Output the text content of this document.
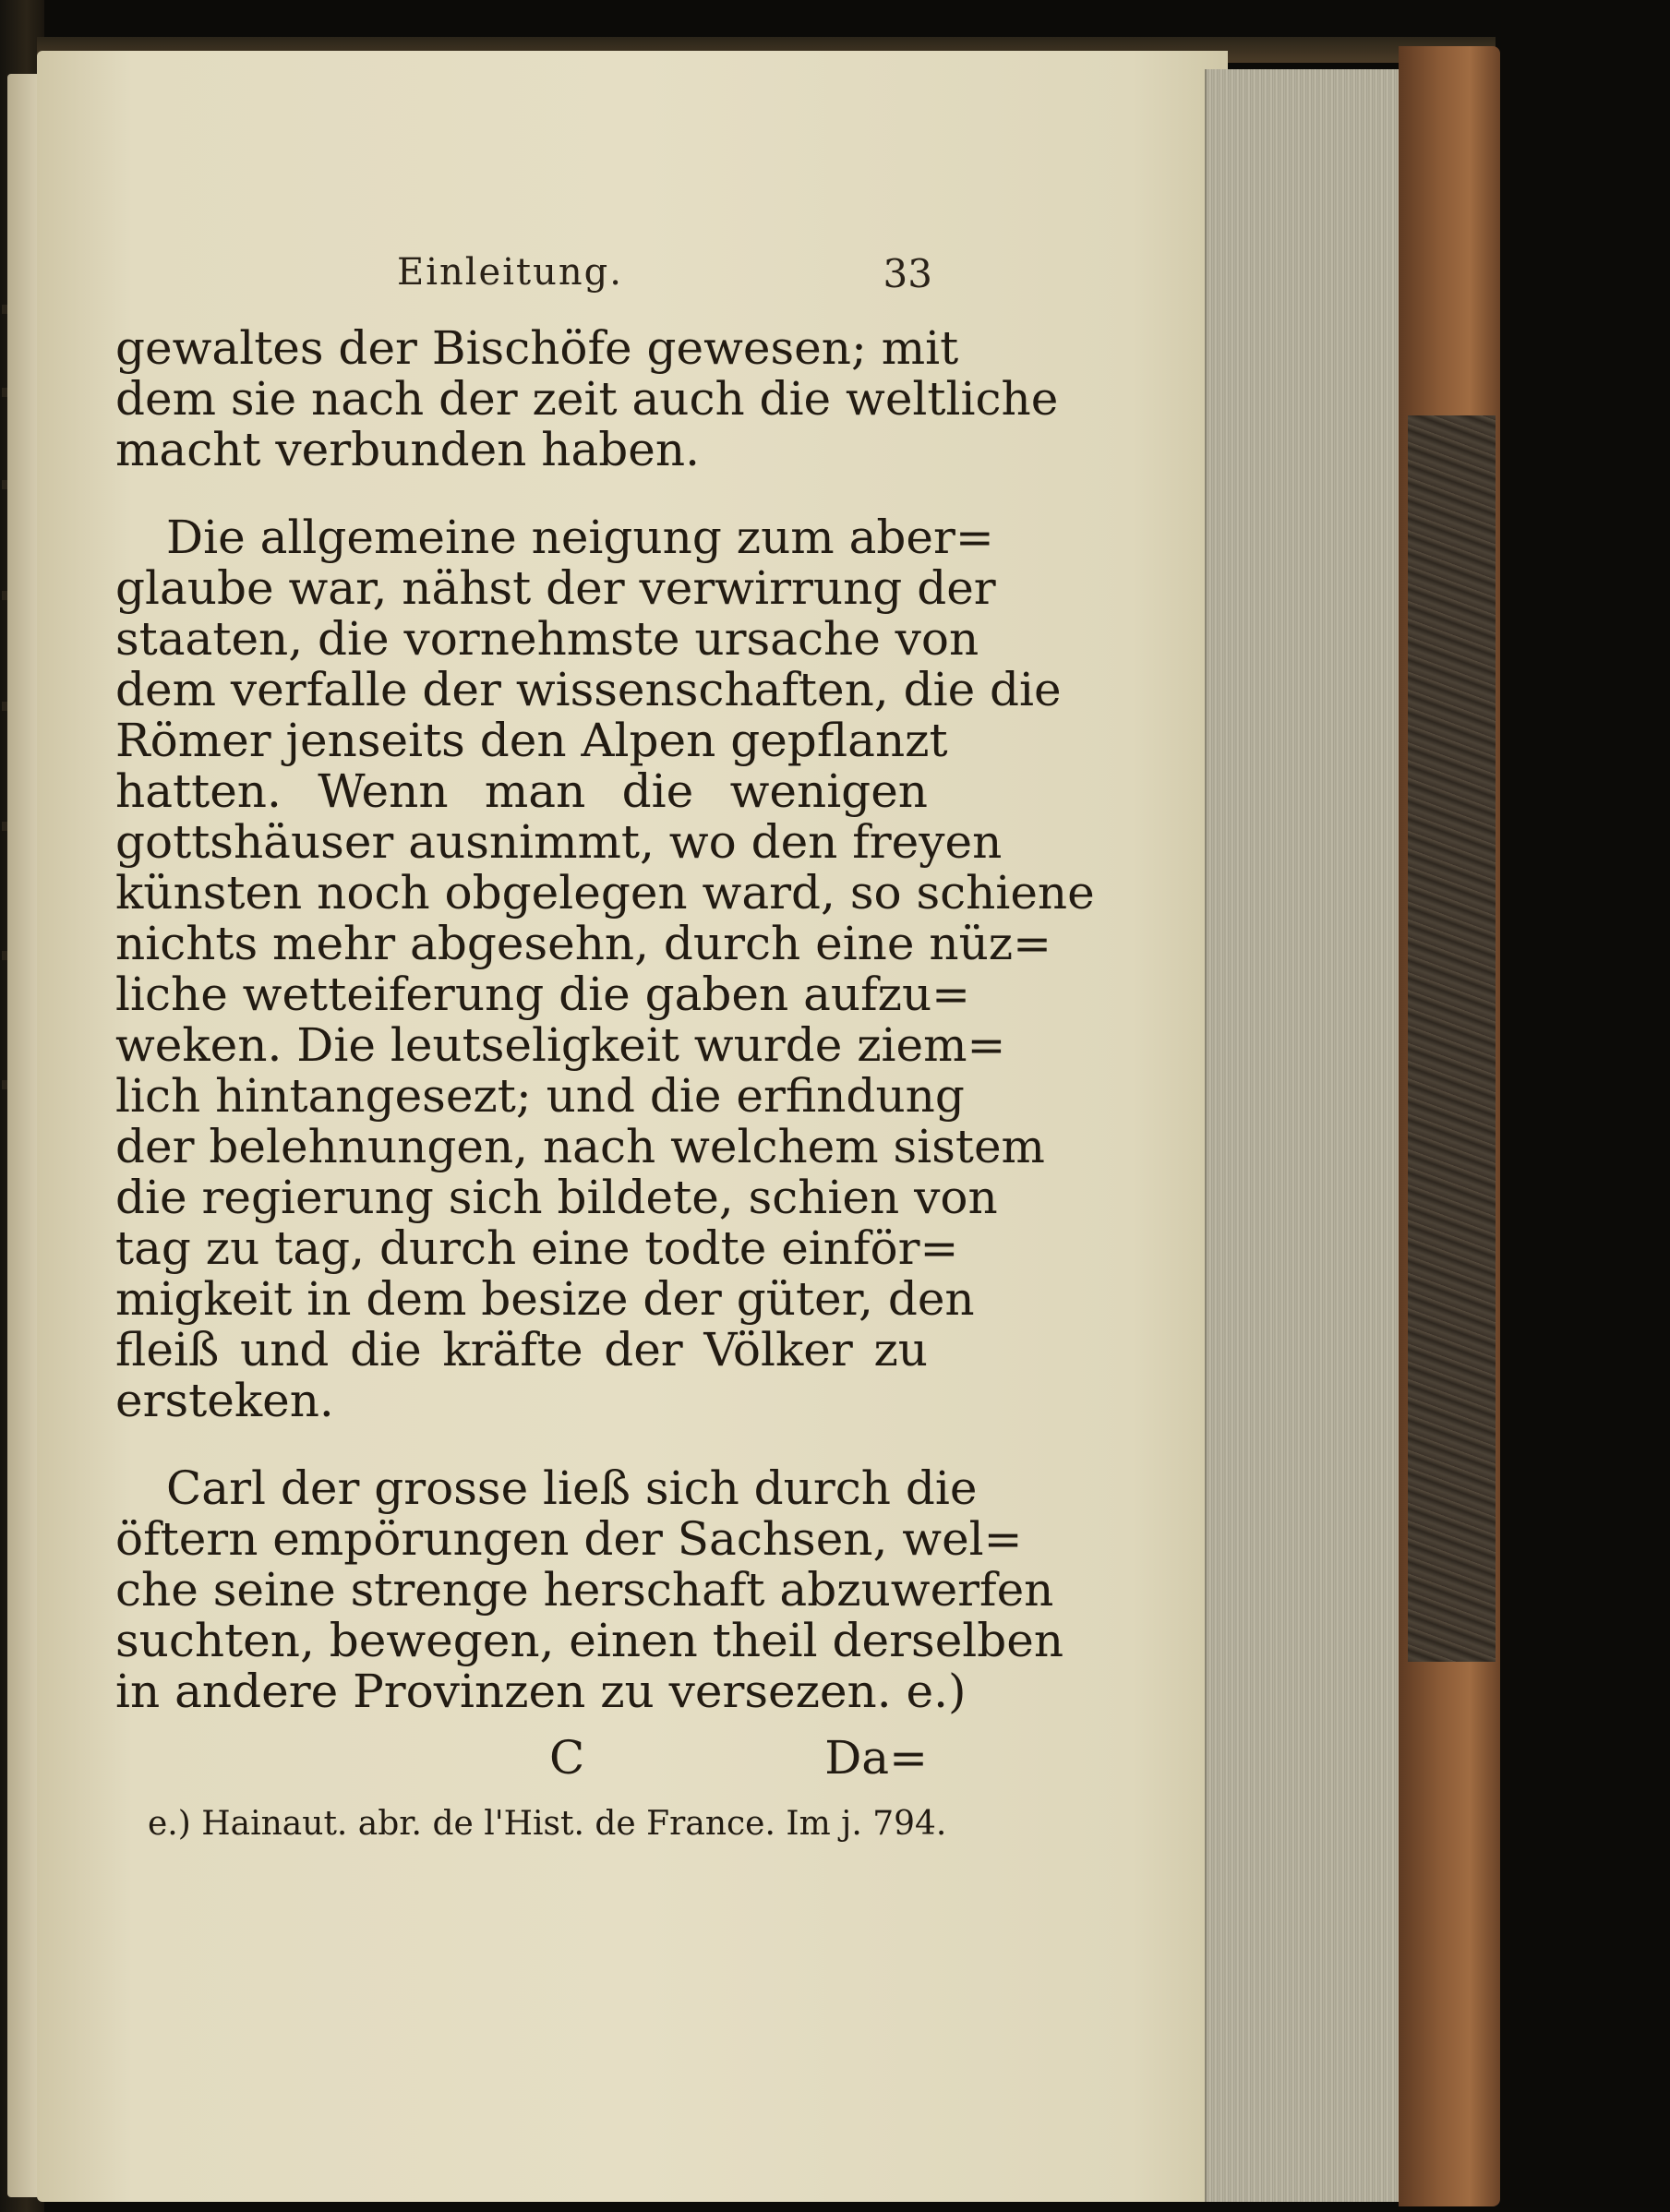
Einleitung.	33
gewaltes der Bischöfe gewesen; mit
dem sie nach der zeit auch die weltliche
macht verbunden haben.
Die allgemeine neigung zum aber=
glaube war, nähst der verwirrung der
staaten, die vornehmste ursache von
dem verfalle der wissenschaften, die die
Römer jenseits den Alpen gepflanzt
hatten. Wenn man die wenigen
gottshäuser ausnimmt, wo den freyen
künsten noch obgelegen ward, so schiene
nichts mehr abgesehn, durch eine nüz=
liche wetteiferung die gaben aufzu=
weken. Die leutseligkeit wurde ziem=
lich hintangesezt; und die erfindung
der belehnungen, nach welchem sistem
die regierung sich bildete, schien von
tag zu tag, durch eine todte einför=
migkeit in dem besize der güter, den
fleiß und die kräfte der Völker zu
ersteken.
Carl der grosse ließ sich durch die
öftern empörungen der Sachsen, wel=
che seine strenge herschaft abzuwerfen
suchten, bewegen, einen theil derselben
in andere Provinzen zu versezen. e.)
C	Da=
e.) Hainaut. abr. de l'Hist. de France. Im j. 794.
